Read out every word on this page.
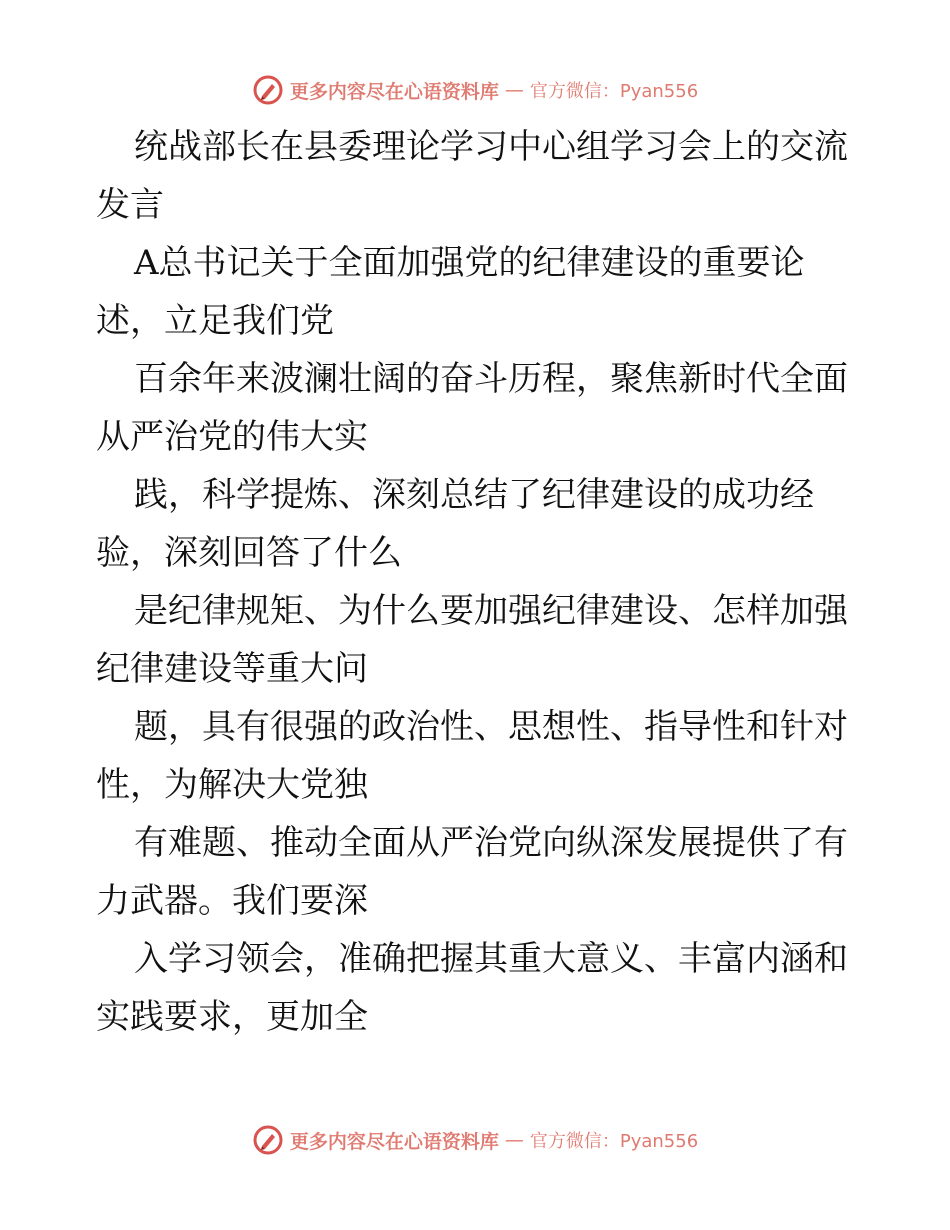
更多内容尽在心语资料库 — 官方微信：Pyan556

统战部长在县委理论学习中心组学习会上的交流发言

A总书记关于全面加强党的纪律建设的重要论述，立足我们党

百余年来波澜壮阔的奋斗历程，聚焦新时代全面从严治党的伟大实

践，科学提炼、深刻总结了纪律建设的成功经验，深刻回答了什么

是纪律规矩、为什么要加强纪律建设、怎样加强纪律建设等重大问

题，具有很强的政治性、思想性、指导性和针对性，为解决大党独

有难题、推动全面从严治党向纵深发展提供了有力武器。我们要深

入学习领会，准确把握其重大意义、丰富内涵和实践要求，更加全

更多内容尽在心语资料库 — 官方微信：Pyan556
